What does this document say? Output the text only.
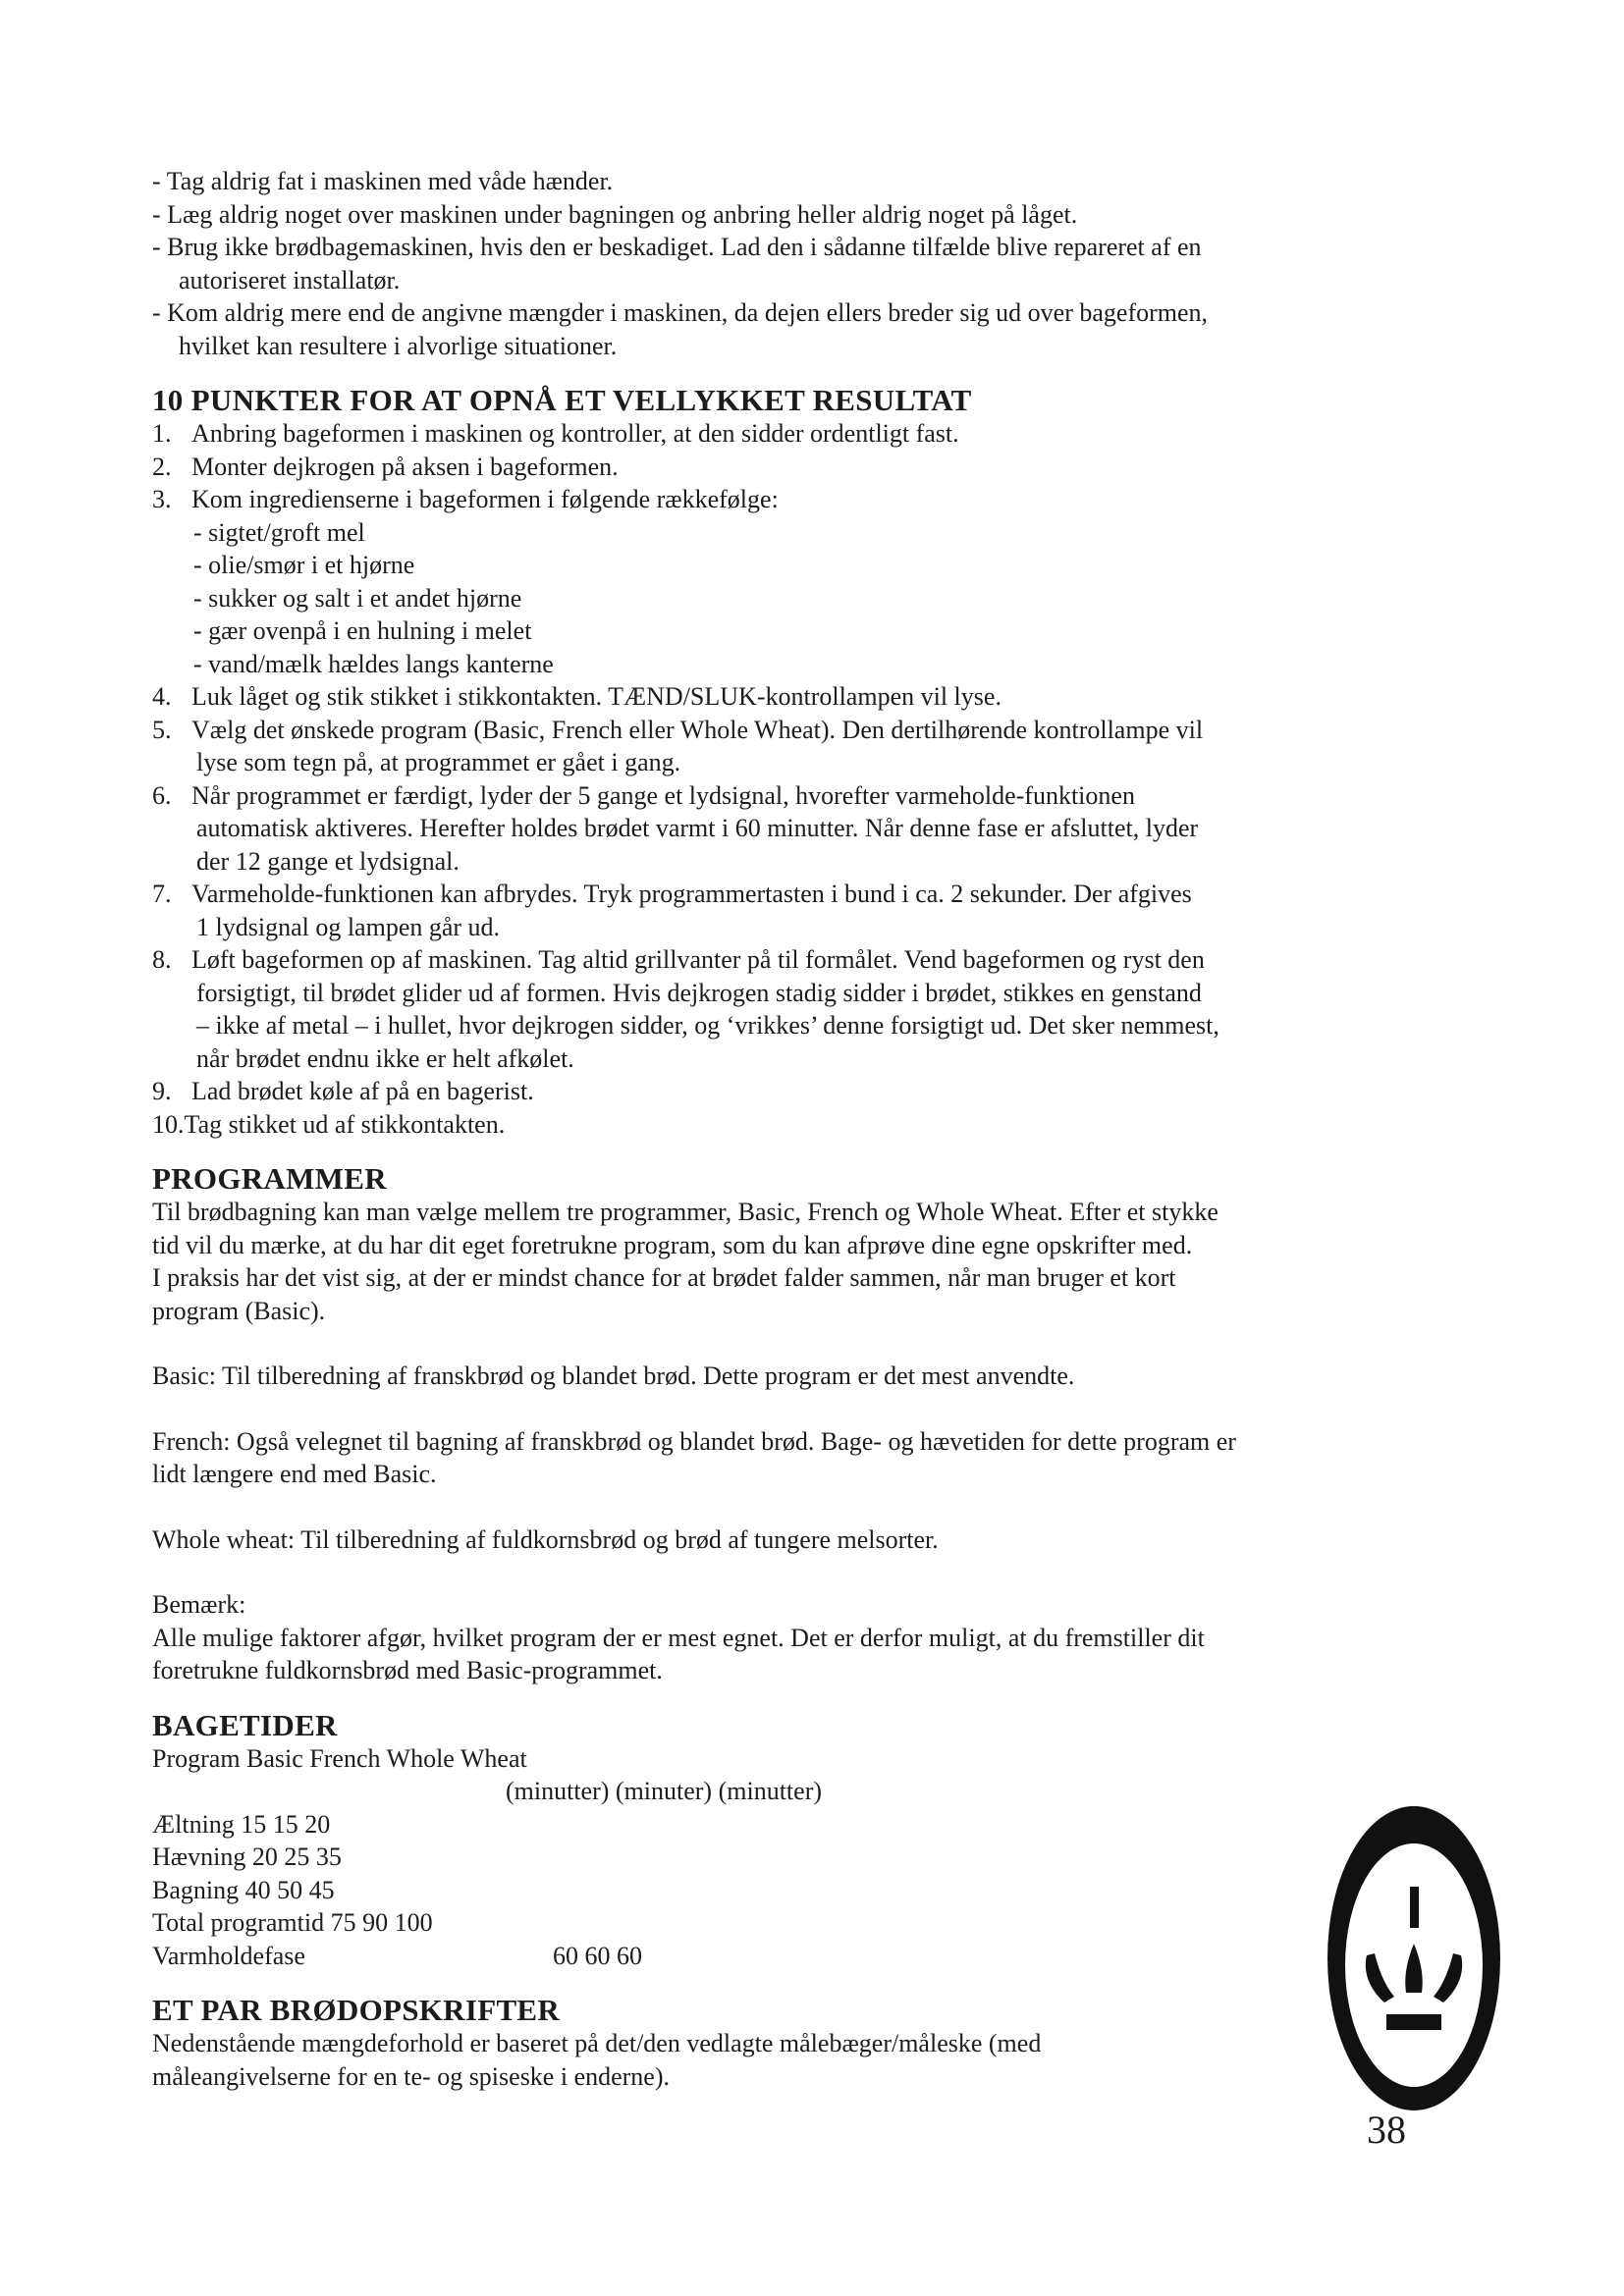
- Tag aldrig fat i maskinen med våde hænder.
- Læg aldrig noget over maskinen under bagningen og anbring heller aldrig noget på låget.
- Brug ikke brødbagemaskinen, hvis den er beskadiget. Lad den i sådanne tilfælde blive repareret af en
autoriseret installatør.
- Kom aldrig mere end de angivne mængder i maskinen, da dejen ellers breder sig ud over bageformen,
hvilket kan resultere i alvorlige situationer.
10 PUNKTER FOR AT OPNÅ ET VELLYKKET RESULTAT
1. Anbring bageformen i maskinen og kontroller, at den sidder ordentligt fast.
2. Monter dejkrogen på aksen i bageformen.
3. Kom ingredienserne i bageformen i følgende rækkefølge:
- sigtet/groft mel
- olie/smør i et hjørne
- sukker og salt i et andet hjørne
- gær ovenpå i en hulning i melet
- vand/mælk hældes langs kanterne
4. Luk låget og stik stikket i stikkontakten. TÆND/SLUK-kontrollampen vil lyse.
5. Vælg det ønskede program (Basic, French eller Whole Wheat). Den dertilhørende kontrollampe vil
lyse som tegn på, at programmet er gået i gang.
6. Når programmet er færdigt, lyder der 5 gange et lydsignal, hvorefter varmeholde-funktionen
automatisk aktiveres. Herefter holdes brødet varmt i 60 minutter. Når denne fase er afsluttet, lyder
der 12 gange et lydsignal.
7. Varmeholde-funktionen kan afbrydes. Tryk programmertasten i bund i ca. 2 sekunder. Der afgives
1 lydsignal og lampen går ud.
8. Løft bageformen op af maskinen. Tag altid grillvanter på til formålet. Vend bageformen og ryst den
forsigtigt, til brødet glider ud af formen. Hvis dejkrogen stadig sidder i brødet, stikkes en genstand
– ikke af metal – i hullet, hvor dejkrogen sidder, og ‘vrikkes’ denne forsigtigt ud. Det sker nemmest,
når brødet endnu ikke er helt afkølet.
9. Lad brødet køle af på en bagerist.
10.Tag stikket ud af stikkontakten.
PROGRAMMER
Til brødbagning kan man vælge mellem tre programmer, Basic, French og Whole Wheat. Efter et stykke
tid vil du mærke, at du har dit eget foretrukne program, som du kan afprøve dine egne opskrifter med.
I praksis har det vist sig, at der er mindst chance for at brødet falder sammen, når man bruger et kort
program (Basic).
Basic: Til tilberedning af franskbrød og blandet brød. Dette program er det mest anvendte.
French: Også velegnet til bagning af franskbrød og blandet brød. Bage- og hævetiden for dette program er
lidt længere end med Basic.
Whole wheat: Til tilberedning af fuldkornsbrød og brød af tungere melsorter.
Bemærk:
Alle mulige faktorer afgør, hvilket program der er mest egnet. Det er derfor muligt, at du fremstiller dit
foretrukne fuldkornsbrød med Basic-programmet.
BAGETIDER
Program Basic French Whole Wheat
(minutter) (minuter) (minutter)
Æltning 15 15 20
Hævning 20 25 35
Bagning 40 50 45
Total programtid 75 90 100
Varmholdefase	60 60 60
ET PAR BRØDOPSKRIFTER
Nedenstående mængdeforhold er baseret på det/den vedlagte målebæger/måleske (med
måleangivelserne for en te- og spiseske i enderne).
38
